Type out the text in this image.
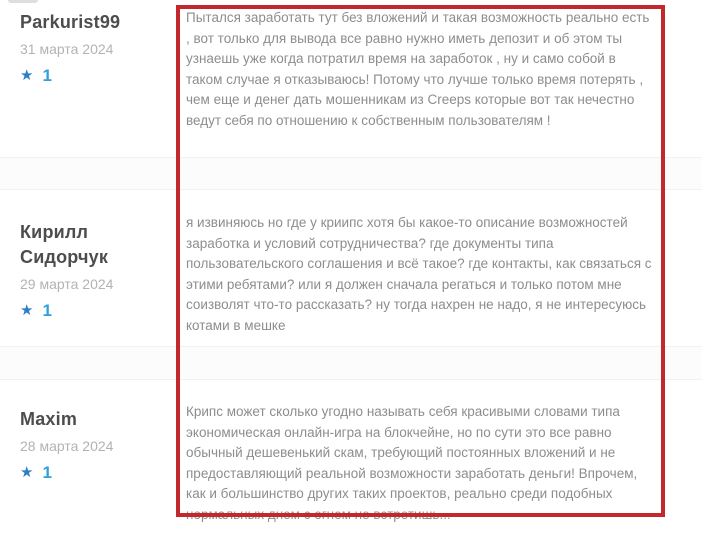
Parkurist99
31 марта 2024
★ 1
Пытался заработать тут без вложений и такая возможность реально есть , вот только для вывода все равно нужно иметь депозит и об этом ты узнаешь уже когда потратил время на заработок , ну и само собой в таком случае я отказываюсь! Потому что лучше только время потерять , чем еще и денег дать мошенникам из Creeps которые вот так нечестно ведут себя по отношению к собственным пользователям !
Кирилл Сидорчук
29 марта 2024
★ 1
я извиняюсь но где у криипс хотя бы какое-то описание возможностей заработка и условий сотрудничества? где документы типа пользовательского соглашения и всё такое? где контакты, как связаться с этими ребятами? или я должен сначала регаться и только потом мне соизволят что-то рассказать? ну тогда нахрен не надо, я не интересуюсь котами в мешке
Maxim
28 марта 2024
★ 1
Крипс может сколько угодно называть себя красивыми словами типа экономическая онлайн-игра на блокчейне, но по сути это все равно обычный дешевенький скам, требующий постоянных вложений и не предоставляющий реальной возможности заработать деньги! Впрочем, как и большинство других таких проектов, реально среди подобных нормальных днем с огнем не встретишь...
